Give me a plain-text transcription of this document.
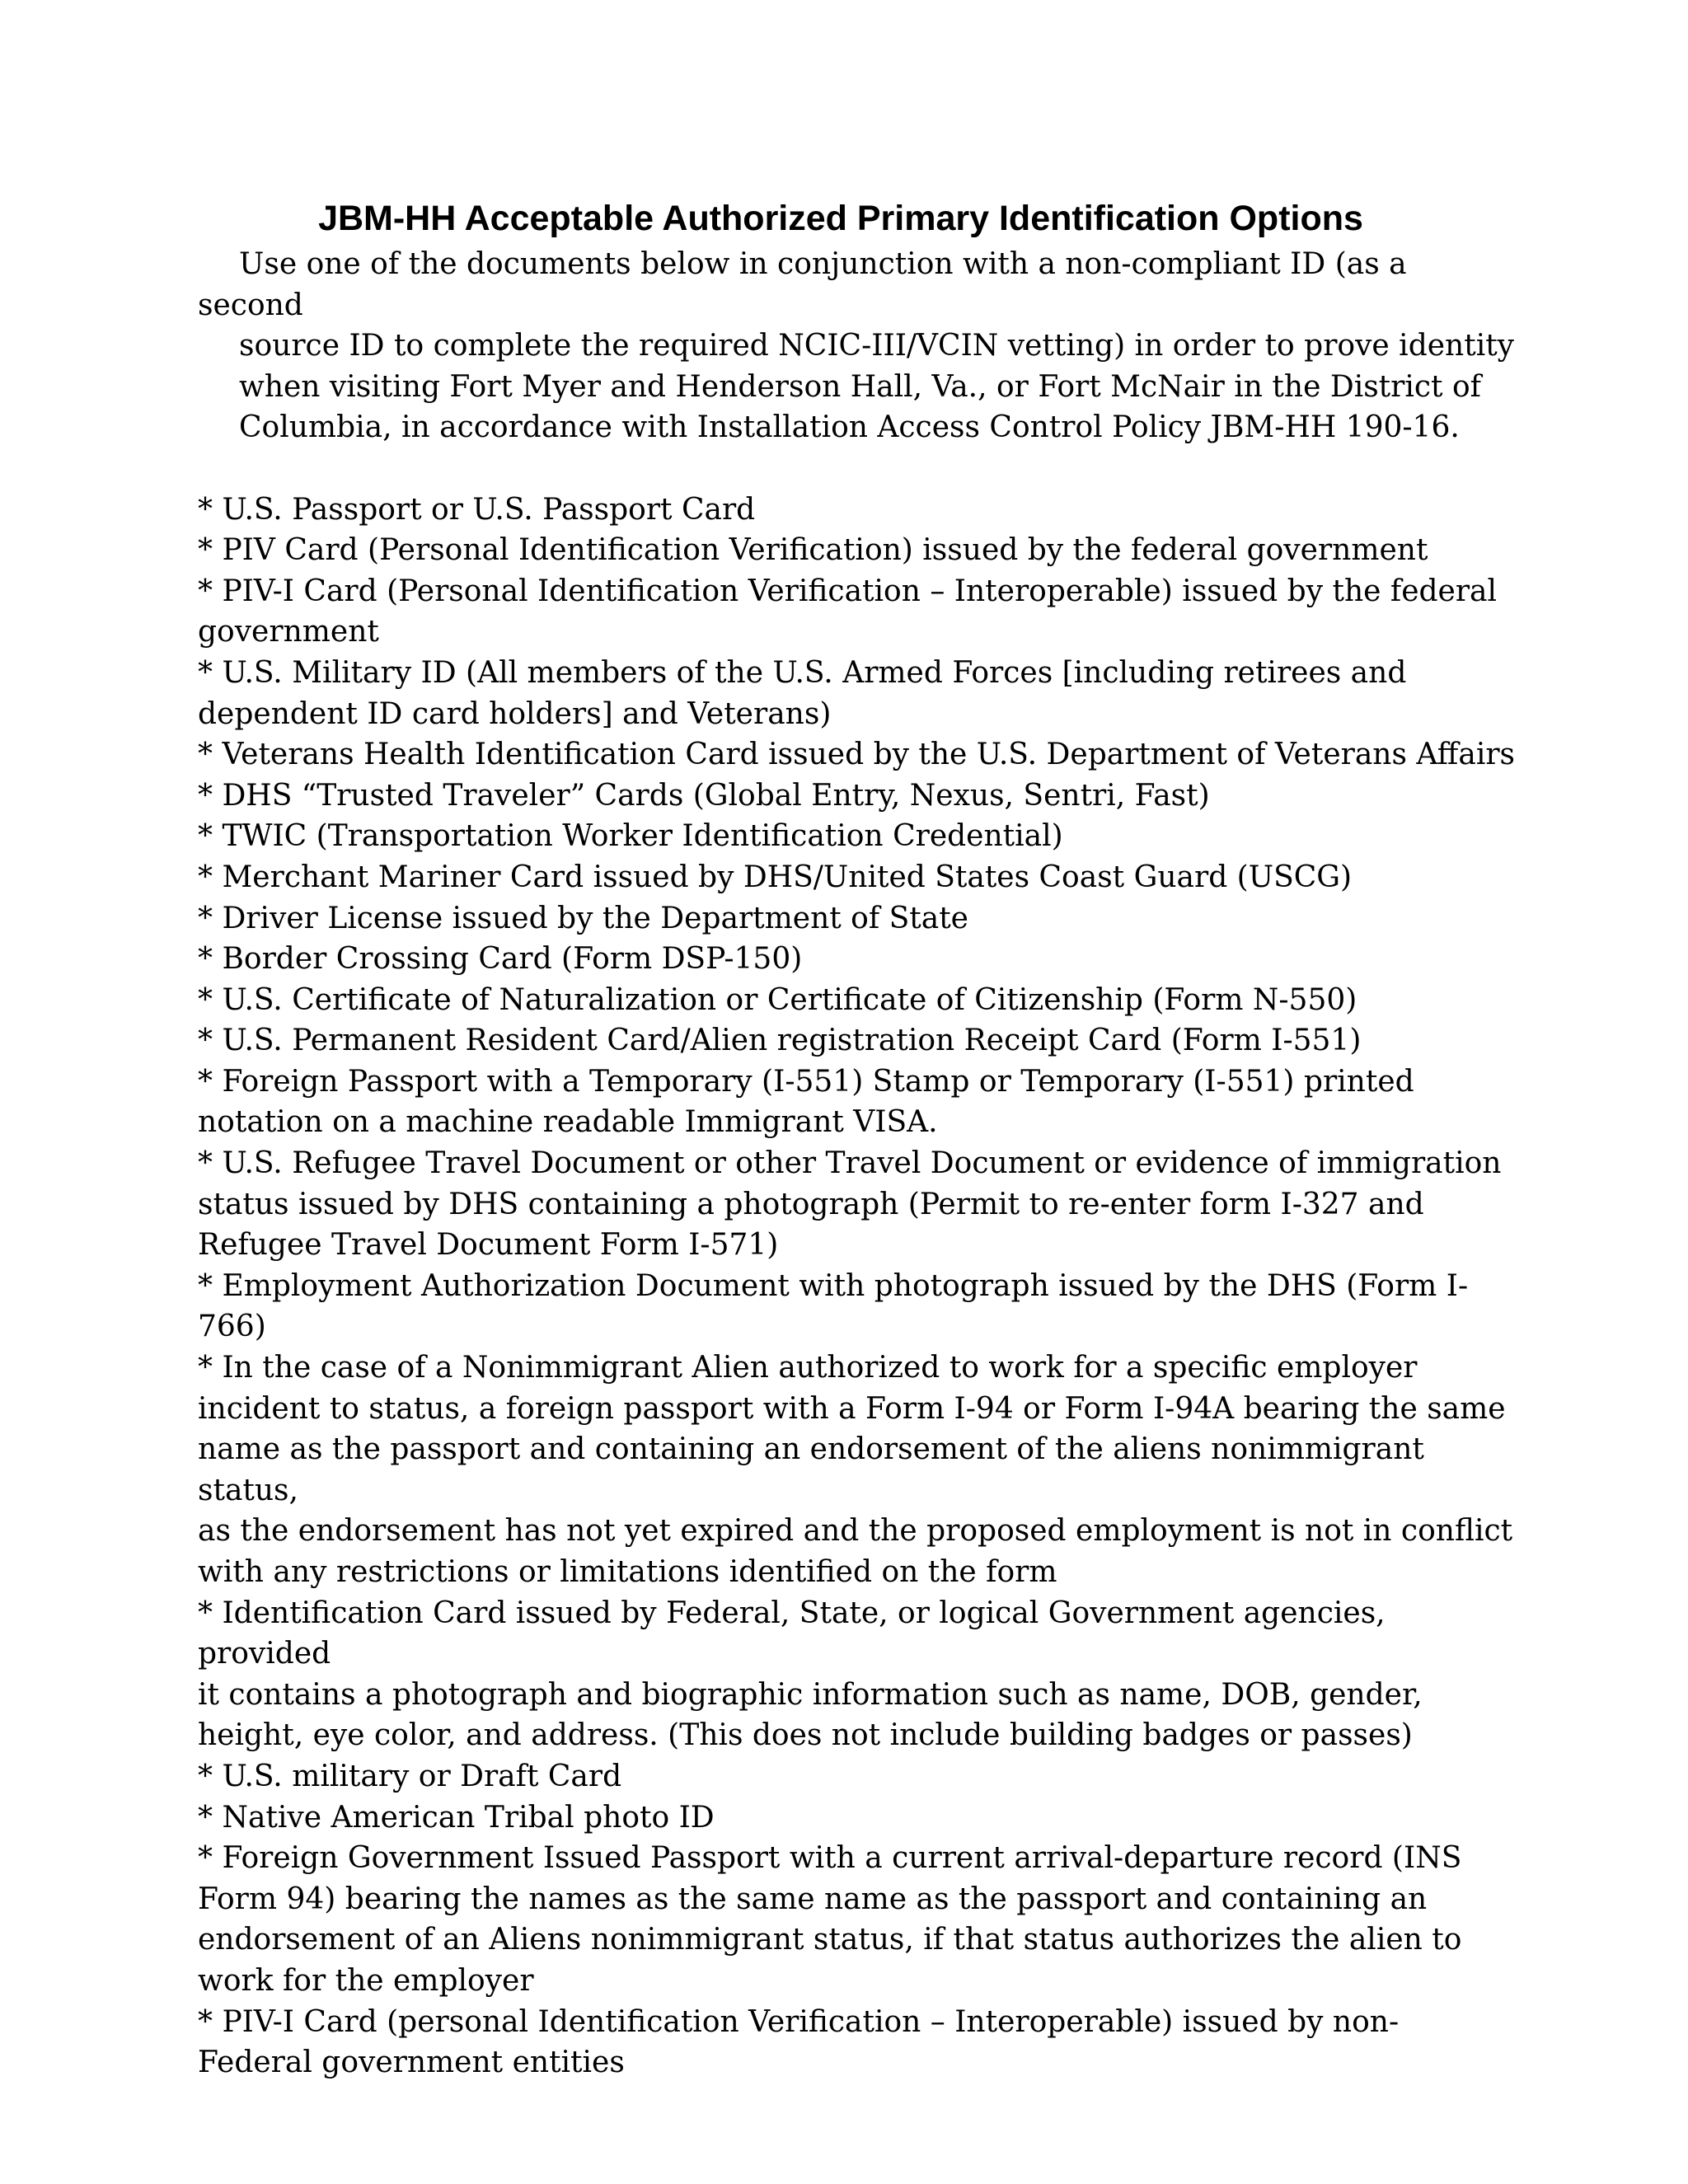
JBM-HH Acceptable Authorized Primary Identification Options

Use one of the documents below in conjunction with a non-compliant ID (as a second
source ID to complete the required NCIC-III/VCIN vetting) in order to prove identity
when visiting Fort Myer and Henderson Hall, Va., or Fort McNair in the District of
Columbia, in accordance with Installation Access Control Policy JBM-HH 190-16.

* U.S. Passport or U.S. Passport Card
* PIV Card (Personal Identification Verification) issued by the federal government
* PIV-I Card (Personal Identification Verification – Interoperable) issued by the federal
government
* U.S. Military ID (All members of the U.S. Armed Forces [including retirees and
dependent ID card holders] and Veterans)
* Veterans Health Identification Card issued by the U.S. Department of Veterans Affairs
* DHS “Trusted Traveler” Cards (Global Entry, Nexus, Sentri, Fast)
* TWIC (Transportation Worker Identification Credential)
* Merchant Mariner Card issued by DHS/United States Coast Guard (USCG)
* Driver License issued by the Department of State
* Border Crossing Card (Form DSP-150)
* U.S. Certificate of Naturalization or Certificate of Citizenship (Form N-550)
* U.S. Permanent Resident Card/Alien registration Receipt Card (Form I-551)
* Foreign Passport with a Temporary (I-551) Stamp or Temporary (I-551) printed
notation on a machine readable Immigrant VISA.
* U.S. Refugee Travel Document or other Travel Document or evidence of immigration
status issued by DHS containing a photograph (Permit to re-enter form I-327 and
Refugee Travel Document Form I-571)
* Employment Authorization Document with photograph issued by the DHS (Form I-
766)
* In the case of a Nonimmigrant Alien authorized to work for a specific employer
incident to status, a foreign passport with a Form I-94 or Form I-94A bearing the same
name as the passport and containing an endorsement of the aliens nonimmigrant status,
as the endorsement has not yet expired and the proposed employment is not in conflict
with any restrictions or limitations identified on the form
* Identification Card issued by Federal, State, or logical Government agencies, provided
it contains a photograph and biographic information such as name, DOB, gender,
height, eye color, and address. (This does not include building badges or passes)
* U.S. military or Draft Card
* Native American Tribal photo ID
* Foreign Government Issued Passport with a current arrival-departure record (INS
Form 94) bearing the names as the same name as the passport and containing an
endorsement of an Aliens nonimmigrant status, if that status authorizes the alien to
work for the employer
* PIV-I Card (personal Identification Verification – Interoperable) issued by non-
Federal government entities
